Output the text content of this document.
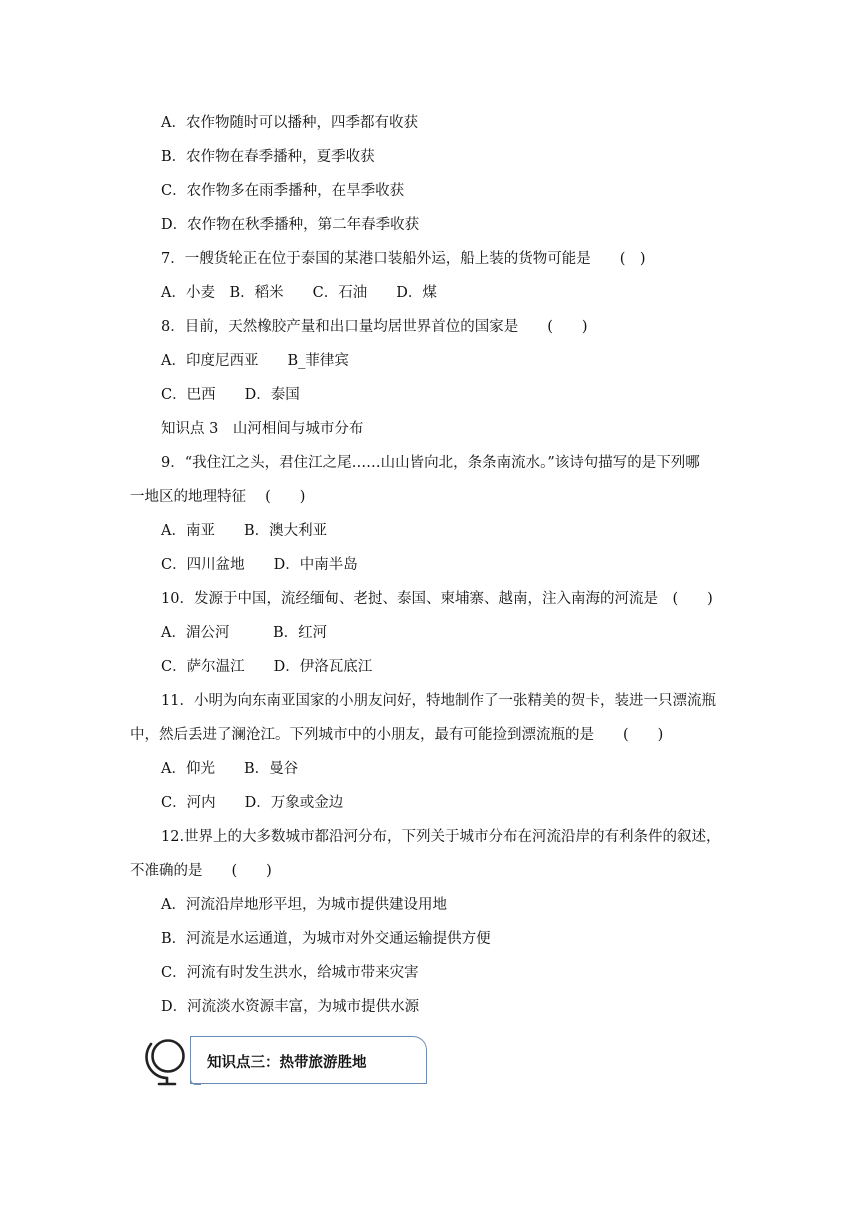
A．农作物随时可以播种，四季都有收获
B．农作物在春季播种，夏季收获
C．农作物多在雨季播种，在旱季收获
D．农作物在秋季播种，第二年春季收获
7．一艘货轮正在位于泰国的某港口装船外运，船上装的货物可能是　　(　)
A．小麦　B．稻米　　C．石油　　D．煤
8．目前，天然橡胶产量和出口量均居世界首位的国家是　　(　　)
A．印度尼西亚　　B_菲律宾
C．巴西　　D．泰国
知识点 3　山河相间与城市分布
9．“我住江之头，君住江之尾……山山皆向北，条条南流水。”该诗句描写的是下列哪
一地区的地理特征　 (　　)
A．南亚　　B．澳大利亚
C．四川盆地　　D．中南半岛
10．发源于中国，流经缅甸、老挝、泰国、柬埔寨、越南，注入南海的河流是　(　　)
A．湄公河　　　B．红河
C．萨尔温江　　D．伊洛瓦底江
11．小明为向东南亚国家的小朋友问好，特地制作了一张精美的贺卡，装进一只漂流瓶
中，然后丢进了澜沧江。下列城市中的小朋友，最有可能捡到漂流瓶的是　　(　　)
A．仰光　　B．曼谷
C．河内　　D．万象或金边
12.世界上的大多数城市都沿河分布，下列关于城市分布在河流沿岸的有利条件的叙述，
不准确的是　　(　　)
A．河流沿岸地形平坦，为城市提供建设用地
B．河流是水运通道，为城市对外交通运输提供方便
C．河流有时发生洪水，给城市带来灾害
D．河流淡水资源丰富，为城市提供水源
知识点三：热带旅游胜地
